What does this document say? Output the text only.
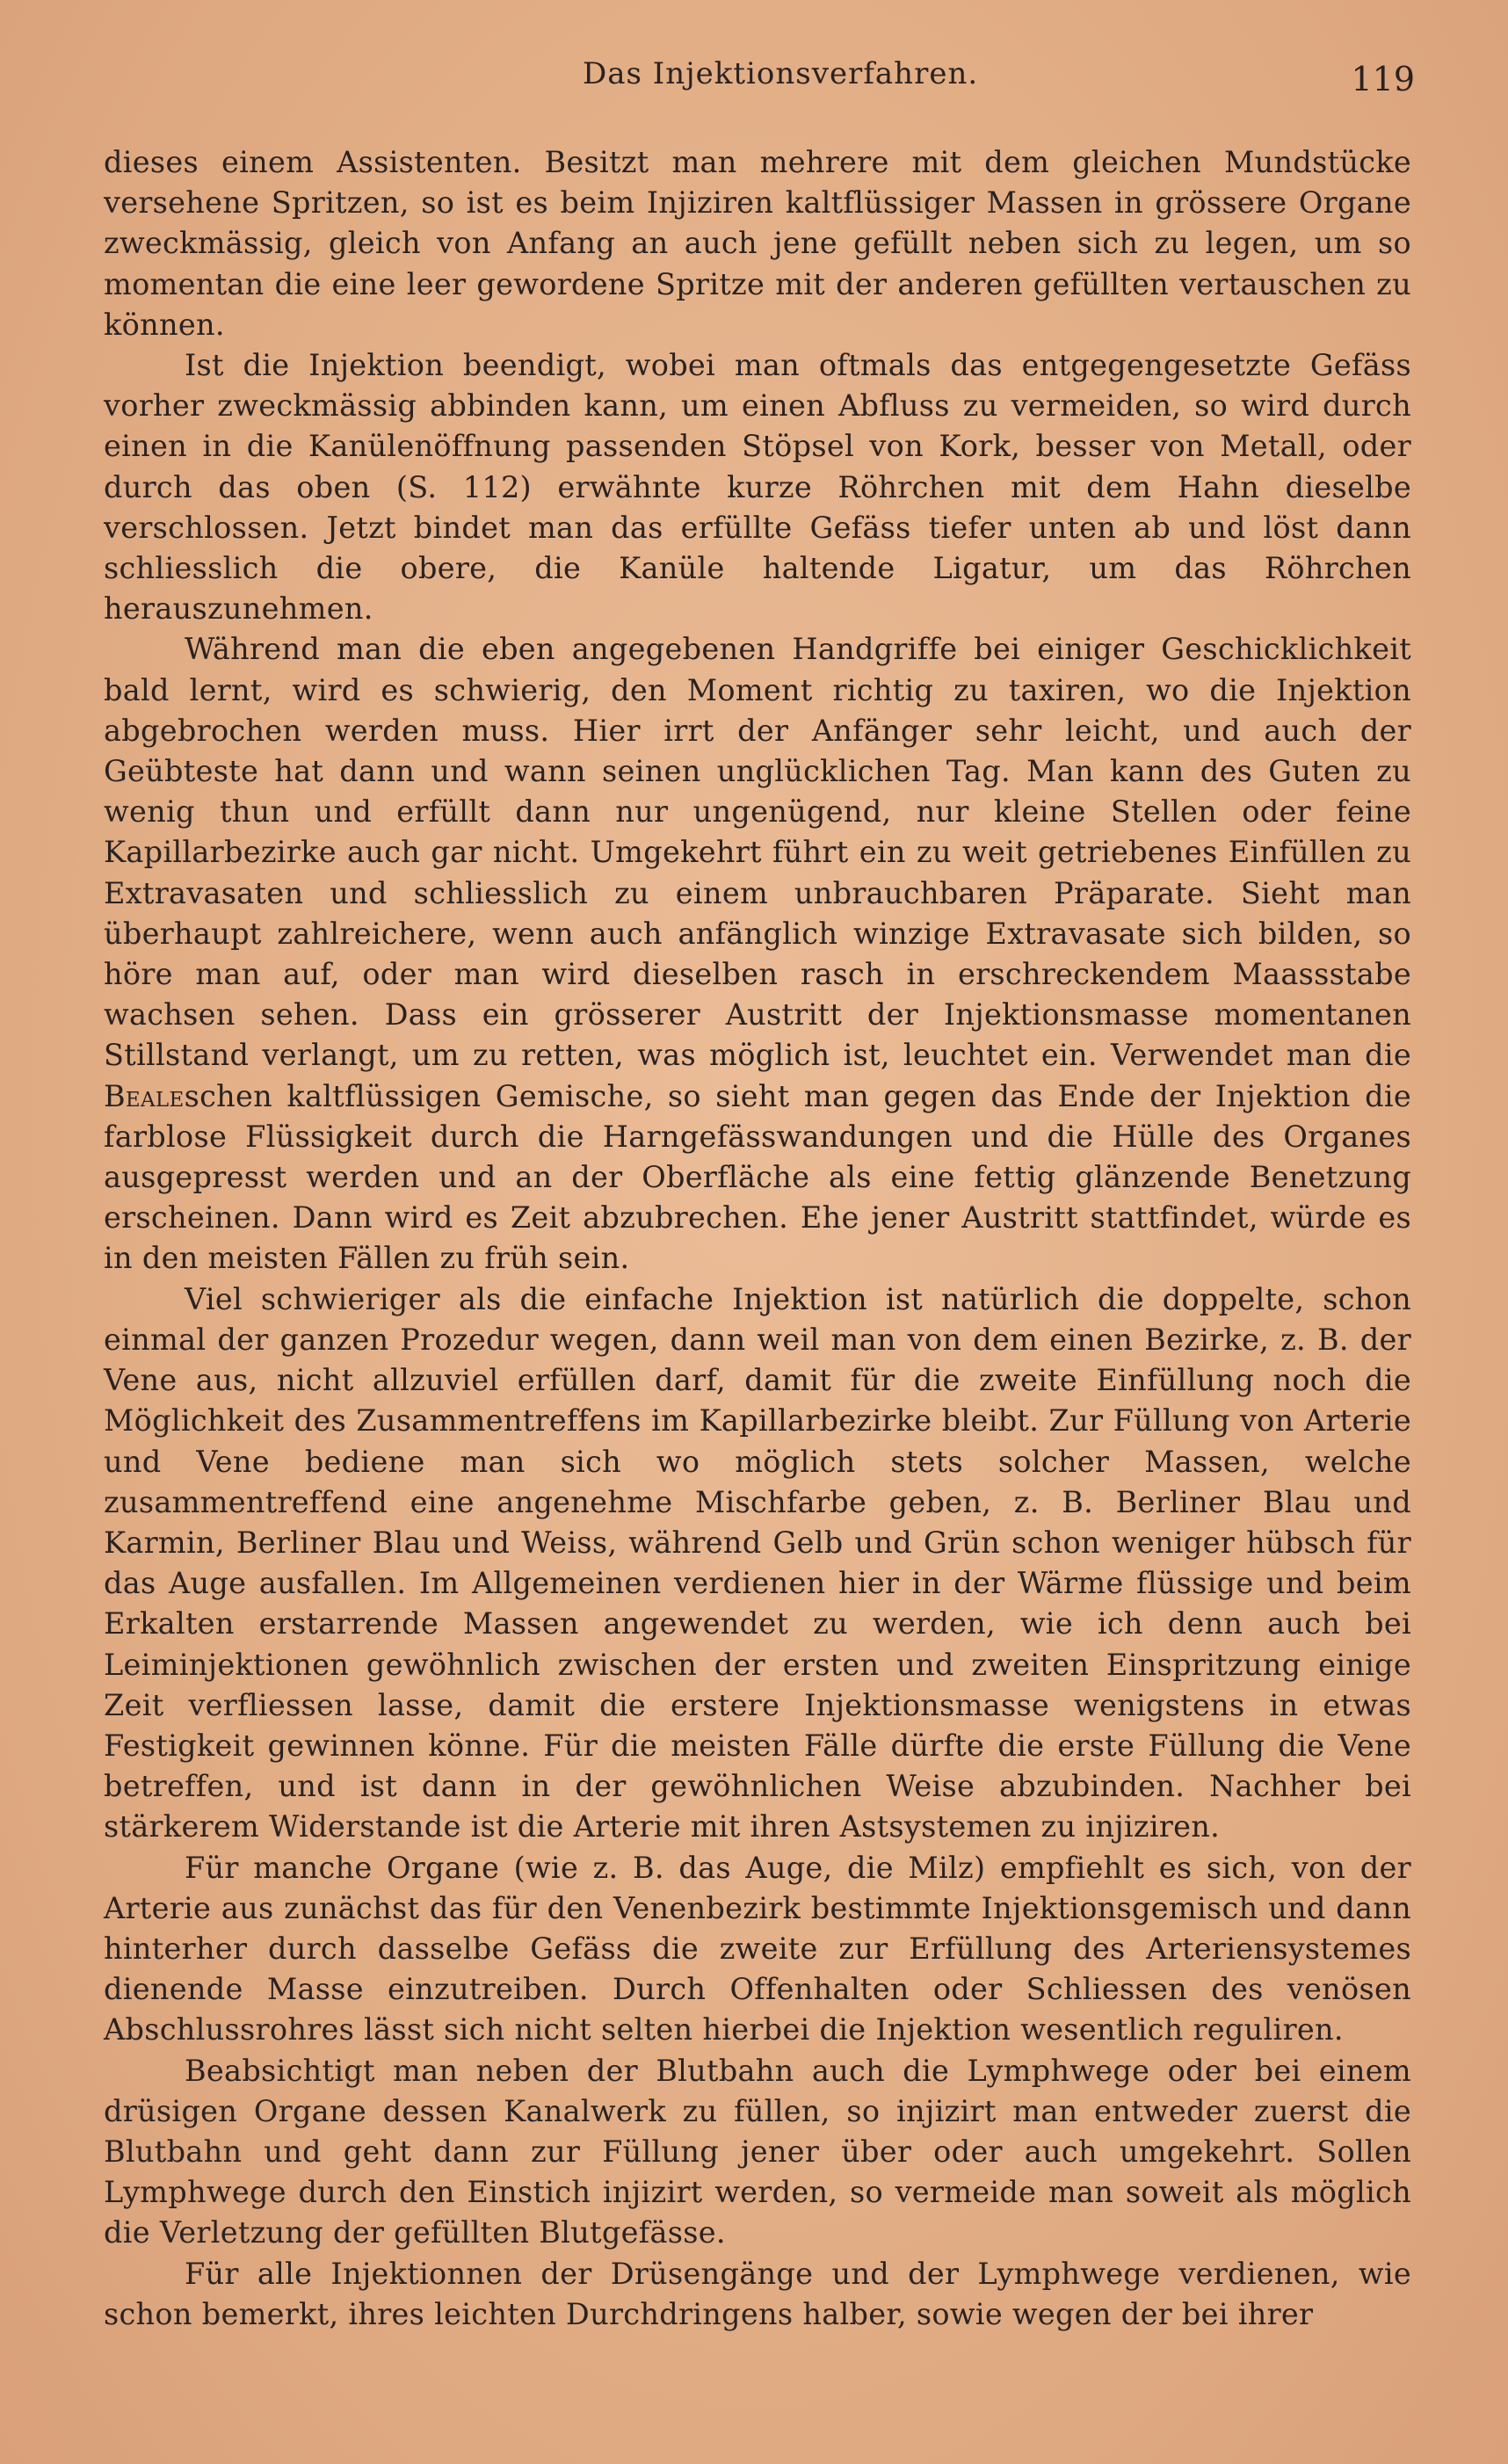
Das Injektionsverfahren.	119

dieses einem Assistenten. Besitzt man mehrere mit dem gleichen Mundstücke versehene Spritzen, so ist es beim Injiziren kaltflüssiger Massen in grössere Organe zweckmässig, gleich von Anfang an auch jene gefüllt neben sich zu legen, um so momentan die eine leer gewordene Spritze mit der anderen gefüllten vertauschen zu können.

Ist die Injektion beendigt, wobei man oftmals das entgegengesetzte Gefäss vorher zweckmässig abbinden kann, um einen Abfluss zu vermeiden, so wird durch einen in die Kanülenöffnung passenden Stöpsel von Kork, besser von Metall, oder durch das oben (S. 112) erwähnte kurze Röhrchen mit dem Hahn dieselbe verschlossen. Jetzt bindet man das erfüllte Gefäss tiefer unten ab und löst dann schliesslich die obere, die Kanüle haltende Ligatur, um das Röhrchen herauszunehmen.

Während man die eben angegebenen Handgriffe bei einiger Geschicklichkeit bald lernt, wird es schwierig, den Moment richtig zu taxiren, wo die Injektion abgebrochen werden muss. Hier irrt der Anfänger sehr leicht, und auch der Geübteste hat dann und wann seinen unglücklichen Tag. Man kann des Guten zu wenig thun und erfüllt dann nur ungenügend, nur kleine Stellen oder feine Kapillarbezirke auch gar nicht. Umgekehrt führt ein zu weit getriebenes Einfüllen zu Extravasaten und schliesslich zu einem unbrauchbaren Präparate. Sieht man überhaupt zahlreichere, wenn auch anfänglich winzige Extravasate sich bilden, so höre man auf, oder man wird dieselben rasch in erschreckendem Maassstabe wachsen sehen. Dass ein grösserer Austritt der Injektionsmasse momentanen Stillstand verlangt, um zu retten, was möglich ist, leuchtet ein. Verwendet man die Bealeschen kaltflüssigen Gemische, so sieht man gegen das Ende der Injektion die farblose Flüssigkeit durch die Harngefässwandungen und die Hülle des Organes ausgepresst werden und an der Oberfläche als eine fettig glänzende Benetzung erscheinen. Dann wird es Zeit abzubrechen. Ehe jener Austritt stattfindet, würde es in den meisten Fällen zu früh sein.

Viel schwieriger als die einfache Injektion ist natürlich die doppelte, schon einmal der ganzen Prozedur wegen, dann weil man von dem einen Bezirke, z. B. der Vene aus, nicht allzuviel erfüllen darf, damit für die zweite Einfüllung noch die Möglichkeit des Zusammentreffens im Kapillarbezirke bleibt. Zur Füllung von Arterie und Vene bediene man sich wo möglich stets solcher Massen, welche zusammentreffend eine angenehme Mischfarbe geben, z. B. Berliner Blau und Karmin, Berliner Blau und Weiss, während Gelb und Grün schon weniger hübsch für das Auge ausfallen. Im Allgemeinen verdienen hier in der Wärme flüssige und beim Erkalten erstarrende Massen angewendet zu werden, wie ich denn auch bei Leiminjektionen gewöhnlich zwischen der ersten und zweiten Einspritzung einige Zeit verfliessen lasse, damit die erstere Injektionsmasse wenigstens in etwas Festigkeit gewinnen könne. Für die meisten Fälle dürfte die erste Füllung die Vene betreffen, und ist dann in der gewöhnlichen Weise abzubinden. Nachher bei stärkerem Widerstande ist die Arterie mit ihren Astsystemen zu injiziren.

Für manche Organe (wie z. B. das Auge, die Milz) empfiehlt es sich, von der Arterie aus zunächst das für den Venenbezirk bestimmte Injektionsgemisch und dann hinterher durch dasselbe Gefäss die zweite zur Erfüllung des Arteriensystemes dienende Masse einzutreiben. Durch Offenhalten oder Schliessen des venösen Abschlussrohres lässt sich nicht selten hierbei die Injektion wesentlich reguliren.

Beabsichtigt man neben der Blutbahn auch die Lymphwege oder bei einem drüsigen Organe dessen Kanalwerk zu füllen, so injizirt man entweder zuerst die Blutbahn und geht dann zur Füllung jener über oder auch umgekehrt. Sollen Lymphwege durch den Einstich injizirt werden, so vermeide man soweit als möglich die Verletzung der gefüllten Blutgefässe.

Für alle Injektionnen der Drüsengänge und der Lymphwege verdienen, wie schon bemerkt, ihres leichten Durchdringens halber, sowie wegen der bei ihrer
